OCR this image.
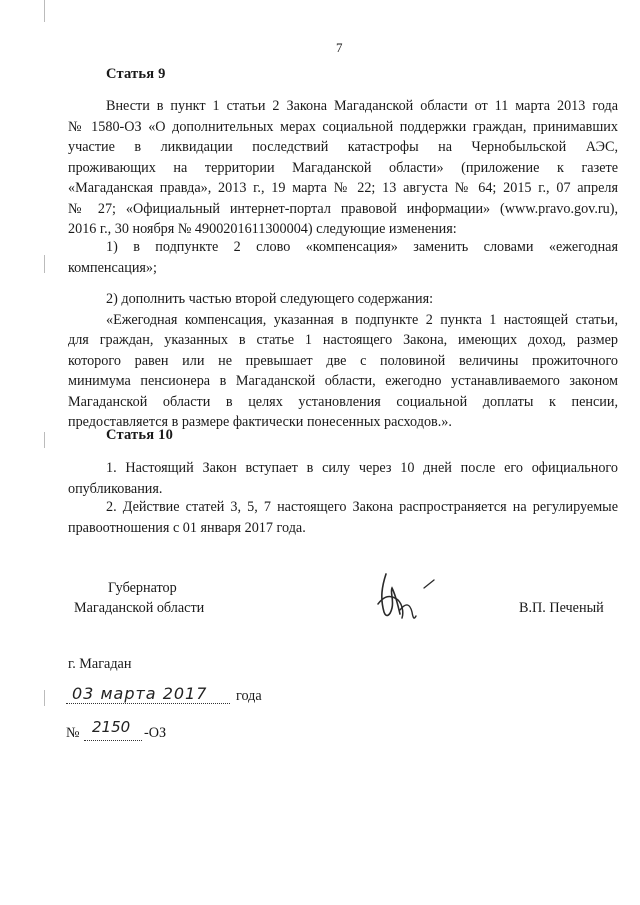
7
Статья 9
Внести в пункт 1 статьи 2 Закона Магаданской области от 11 марта 2013 года
№ 1580-ОЗ «О дополнительных мерах социальной поддержки граждан, принимавших
участие в ликвидации последствий катастрофы на Чернобыльской АЭС,
проживающих на территории Магаданской области» (приложение к газете
«Магаданская правда», 2013 г., 19 марта № 22; 13 августа № 64; 2015 г., 07 апреля
№ 27; «Официальный интернет-портал правовой информации» (www.pravo.gov.ru),
2016 г., 30 ноября № 4900201611300004) следующие изменения:
1) в подпункте 2 слово «компенсация» заменить словами «ежегодная
компенсация»;
2) дополнить частью второй следующего содержания:
«Ежегодная компенсация, указанная в подпункте 2 пункта 1 настоящей статьи,
для граждан, указанных в статье 1 настоящего Закона, имеющих доход, размер
которого равен или не превышает две с половиной величины прожиточного
минимума пенсионера в Магаданской области, ежегодно устанавливаемого законом
Магаданской области в целях установления социальной доплаты к пенсии,
предоставляется в размере фактически понесенных расходов.».
Статья 10
1. Настоящий Закон вступает в силу через 10 дней после его официального
опубликования.
2. Действие статей 3, 5, 7 настоящего Закона распространяется на регулируемые
правоотношения с 01 января 2017 года.
Губернатор
Магаданской области	В.П. Печеный
г. Магадан
03 марта 2017 года
№ 2150 -ОЗ
